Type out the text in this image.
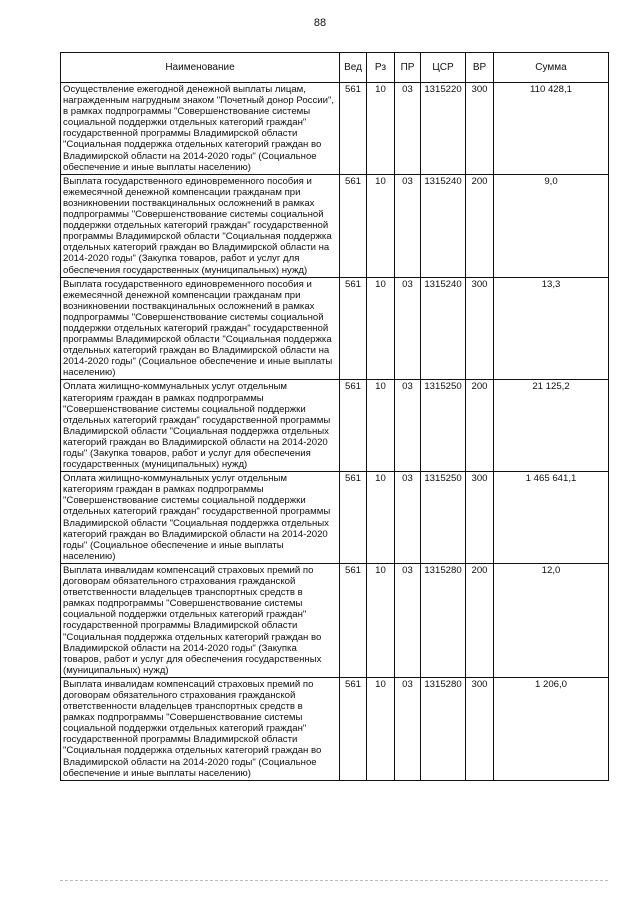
88
Наименование	Вед	Рз	ПР	ЦСР	ВР	Сумма
Осуществление ежегодной денежной выплаты лицам, награжденным нагрудным знаком "Почетный донор России", в рамках подпрограммы "Совершенствование системы социальной поддержки отдельных категорий граждан" государственной программы Владимирской области "Социальная поддержка отдельных категорий граждан во Владимирской области на 2014-2020 годы" (Социальное обеспечение и иные выплаты населению)	561	10	03	1315220	300	110 428,1
Выплата государственного единовременного пособия и ежемесячной денежной компенсации гражданам при возникновении поствакцинальных осложнений в рамках подпрограммы "Совершенствование системы социальной поддержки отдельных категорий граждан" государственной программы Владимирской области "Социальная поддержка отдельных категорий граждан во Владимирской области на 2014-2020 годы" (Закупка товаров, работ и услуг для обеспечения государственных (муниципальных) нужд)	561	10	03	1315240	200	9,0
Выплата государственного единовременного пособия и ежемесячной денежной компенсации гражданам при возникновении поствакцинальных осложнений в рамках подпрограммы "Совершенствование системы социальной поддержки отдельных категорий граждан" государственной программы Владимирской области "Социальная поддержка отдельных категорий граждан во Владимирской области на 2014-2020 годы" (Социальное обеспечение и иные выплаты населению)	561	10	03	1315240	300	13,3
Оплата жилищно-коммунальных услуг отдельным категориям граждан в рамках подпрограммы "Совершенствование системы социальной поддержки отдельных категорий граждан" государственной программы Владимирской области "Социальная поддержка отдельных категорий граждан во Владимирской области на 2014-2020 годы" (Закупка товаров, работ и услуг для обеспечения государственных (муниципальных) нужд)	561	10	03	1315250	200	21 125,2
Оплата жилищно-коммунальных услуг отдельным категориям граждан в рамках подпрограммы "Совершенствование системы социальной поддержки отдельных категорий граждан" государственной программы Владимирской области "Социальная поддержка отдельных категорий граждан во Владимирской области на 2014-2020 годы" (Социальное обеспечение и иные выплаты населению)	561	10	03	1315250	300	1 465 641,1
Выплата инвалидам компенсаций страховых премий по договорам обязательного страхования гражданской ответственности владельцев транспортных средств в рамках подпрограммы "Совершенствование системы социальной поддержки отдельных категорий граждан" государственной программы Владимирской области "Социальная поддержка отдельных категорий граждан во Владимирской области на 2014-2020 годы" (Закупка товаров, работ и услуг для обеспечения государственных (муниципальных) нужд)	561	10	03	1315280	200	12,0
Выплата инвалидам компенсаций страховых премий по договорам обязательного страхования гражданской ответственности владельцев транспортных средств в рамках подпрограммы "Совершенствование системы социальной поддержки отдельных категорий граждан" государственной программы Владимирской области "Социальная поддержка отдельных категорий граждан во Владимирской области на 2014-2020 годы" (Социальное обеспечение и иные выплаты населению)	561	10	03	1315280	300	1 206,0
